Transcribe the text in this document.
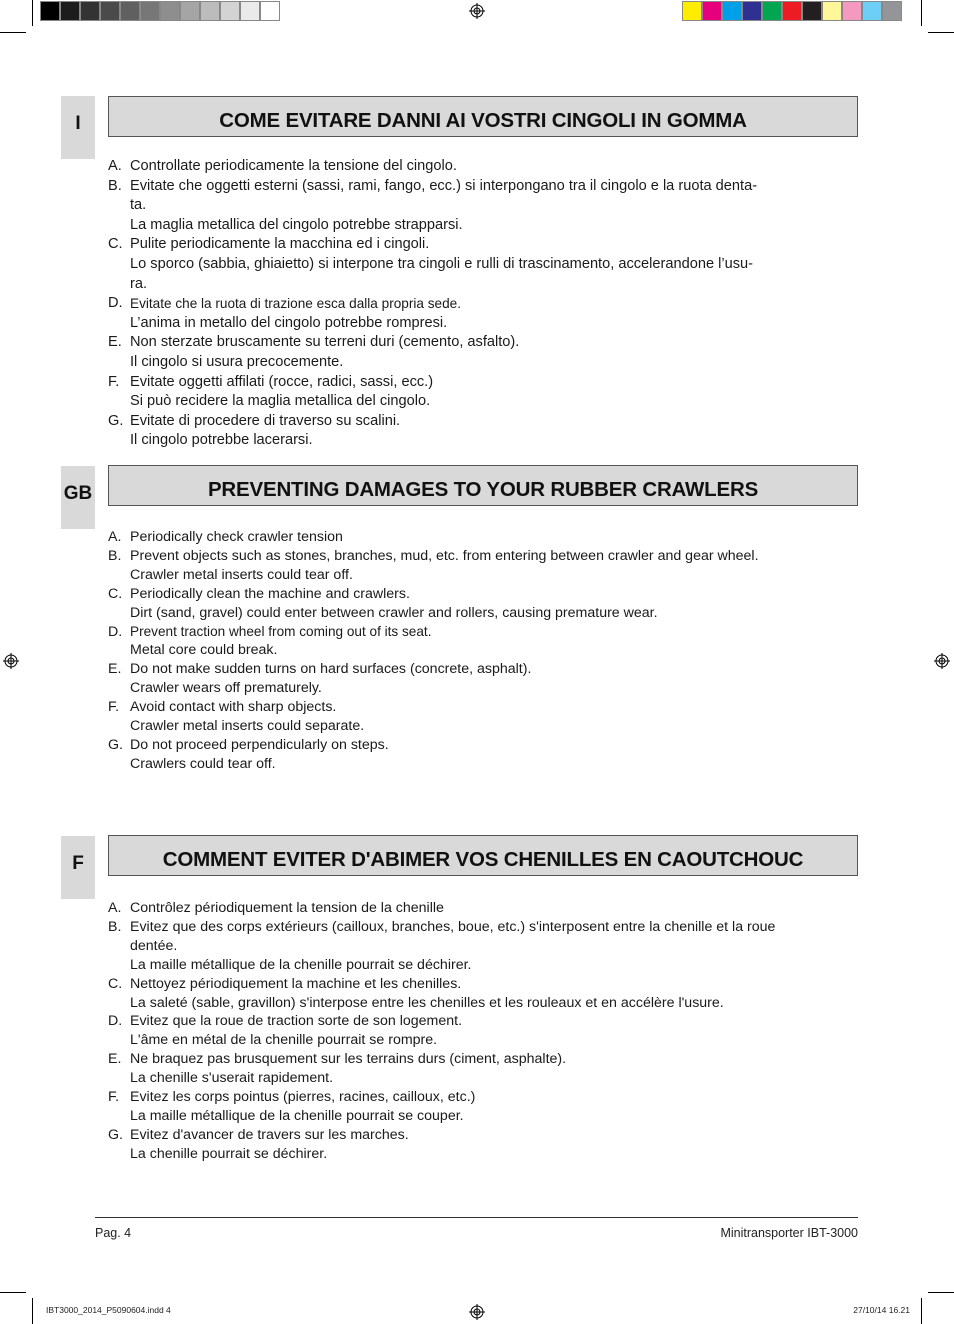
I	COME EVITARE DANNI AI VOSTRI CINGOLI IN GOMMA
A. Controllate periodicamente la tensione del cingolo.
B. Evitate che oggetti esterni (sassi, rami, fango, ecc.) si interpongano tra il cingolo e la ruota denta-
ta.
La maglia metallica del cingolo potrebbe strapparsi.
C. Pulite periodicamente la macchina ed i cingoli.
Lo sporco (sabbia, ghiaietto) si interpone tra cingoli e rulli di trascinamento, accelerandone l’usu-
ra.
D. Evitate che la ruota di trazione esca dalla propria sede.
L’anima in metallo del cingolo potrebbe rompresi.
E. Non sterzate bruscamente su terreni duri (cemento, asfalto).
Il cingolo si usura precocemente.
F. Evitate oggetti affilati (rocce, radici, sassi, ecc.)
Si può recidere la maglia metallica del cingolo.
G. Evitate di procedere di traverso su scalini.
Il cingolo potrebbe lacerarsi.
GB	PREVENTING DAMAGES TO YOUR RUBBER CRAWLERS
A. Periodically check crawler tension
B. Prevent objects such as stones, branches, mud, etc. from entering between crawler and gear wheel.
Crawler metal inserts could tear off.
C. Periodically clean the machine and crawlers.
Dirt (sand, gravel) could enter between crawler and rollers, causing premature wear.
D. Prevent traction wheel from coming out of its seat.
Metal core could break.
E. Do not make sudden turns on hard surfaces (concrete, asphalt).
Crawler wears off prematurely.
F. Avoid contact with sharp objects.
Crawler metal inserts could separate.
G. Do not proceed perpendicularly on steps.
Crawlers could tear off.
F	COMMENT EVITER D'ABIMER VOS CHENILLES EN CAOUTCHOUC
A. Contrôlez périodiquement la tension de la chenille
B. Evitez que des corps extérieurs (cailloux, branches, boue, etc.) s'interposent entre la chenille et la roue
dentée.
La maille métallique de la chenille pourrait se déchirer.
C. Nettoyez périodiquement la machine et les chenilles.
La saleté (sable, gravillon) s'interpose entre les chenilles et les rouleaux et en accélère l'usure.
D. Evitez que la roue de traction sorte de son logement.
L'âme en métal de la chenille pourrait se rompre.
E. Ne braquez pas brusquement sur les terrains durs (ciment, asphalte).
La chenille s'userait rapidement.
F. Evitez les corps pointus (pierres, racines, cailloux, etc.)
La maille métallique de la chenille pourrait se couper.
G. Evitez d'avancer de travers sur les marches.
La chenille pourrait se déchirer.
Pag. 4	Minitransporter IBT-3000
IBT3000_2014_P5090604.indd 4	27/10/14 16.21
